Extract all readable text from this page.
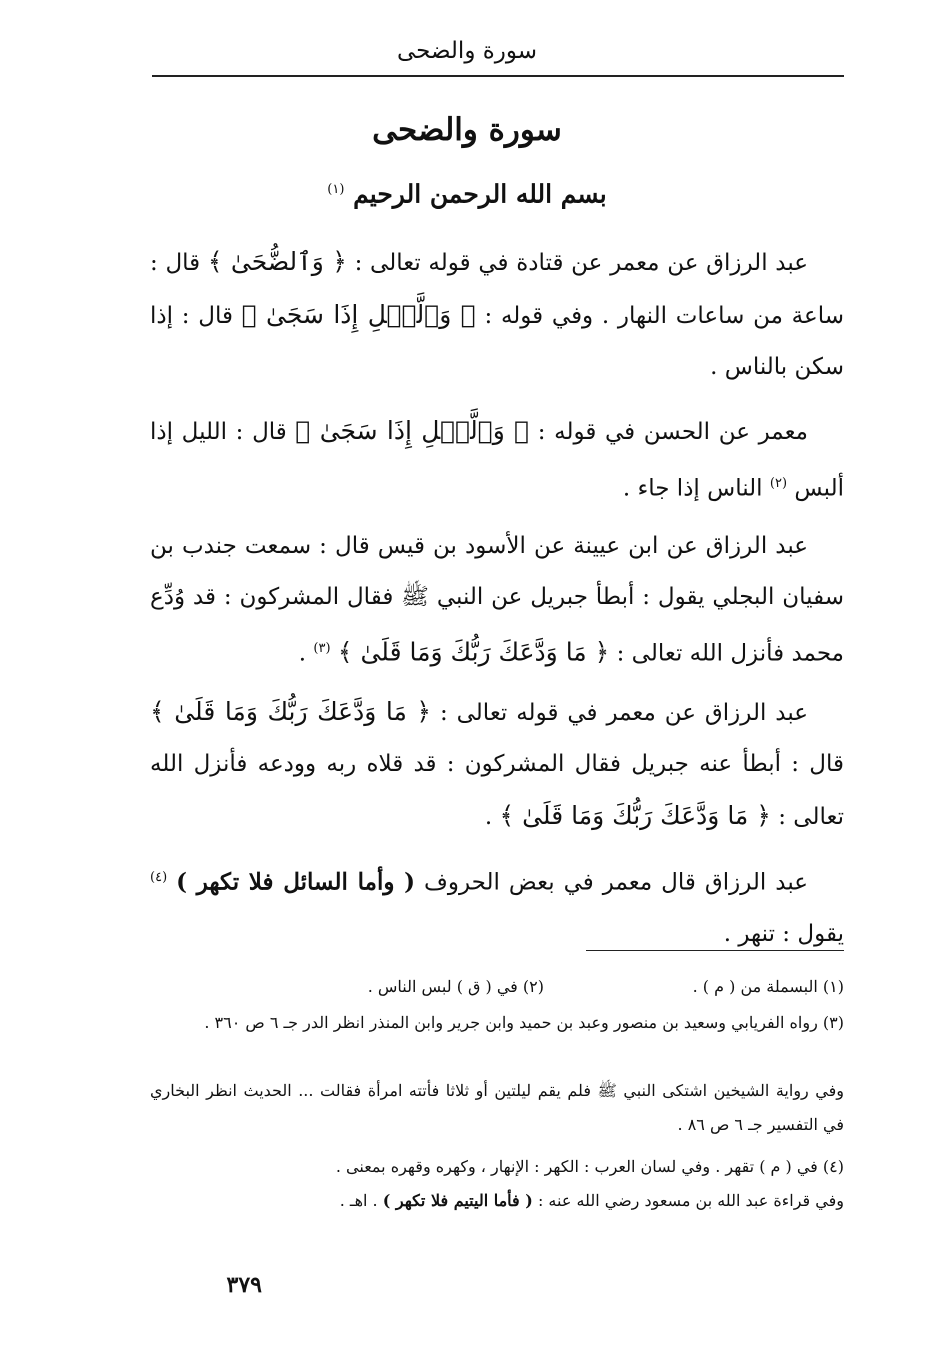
سورة والضحى
سورة والضحى
بسم الله الرحمن الرحيم $^{(١)}$
عبد الرزاق عن معمر عن قتادة في قوله تعالى : ﴿ وَٱلضُّحَىٰ ﴾ قال : ساعة من ساعات النهار . وفي قوله : ﴿ وَٱلَّيۡلِ إِذَا سَجَىٰ ﴾ قال : إذا سكن بالناس .
معمر عن الحسن في قوله : ﴿ وَٱلَّيۡلِ إِذَا سَجَىٰ ﴾ قال : الليل إذا ألبس $^{(٢)}$ الناس إذا جاء .
عبد الرزاق عن ابن عيينة عن الأسود بن قيس قال : سمعت جندب بن سفيان البجلي يقول : أبطأ جبريل عن النبي ﷺ فقال المشركون : قد وُدِّع محمد فأنزل الله تعالى : ﴿ مَا وَدَّعَكَ رَبُّكَ وَمَا قَلَىٰ ﴾ $^{(٣)}$ .
عبد الرزاق عن معمر في قوله تعالى : ﴿ مَا وَدَّعَكَ رَبُّكَ وَمَا قَلَىٰ ﴾ قال : أبطأ عنه جبريل فقال المشركون : قد قلاه ربه وودعه فأنزل الله تعالى : ﴿ مَا وَدَّعَكَ رَبُّكَ وَمَا قَلَىٰ ﴾ .
عبد الرزاق قال معمر في بعض الحروف ( وأما السائل فلا تكهر ) $^{(٤)}$ يقول : تنهر .
(١) البسملة من ( م ) .
(٢) في ( ق ) لبس الناس .
(٣) رواه الفريابي وسعيد بن منصور وعبد بن حميد وابن جرير وابن المنذر انظر الدر جـ ٦ ص ٣٦٠ .
وفي رواية الشيخين اشتكى النبي ﷺ فلم يقم ليلتين أو ثلاثا فأتته امرأة فقالت ... الحديث انظر البخاري في التفسير جـ ٦ ص ٨٦ .
(٤) في ( م ) تقهر . وفي لسان العرب : الكهر : الإنهار ، وكهره وقهره بمعنى .
وفي قراءة عبد الله بن مسعود رضي الله عنه : ( فأما اليتيم فلا تكهر ) . اهـ .
٣٧٩
